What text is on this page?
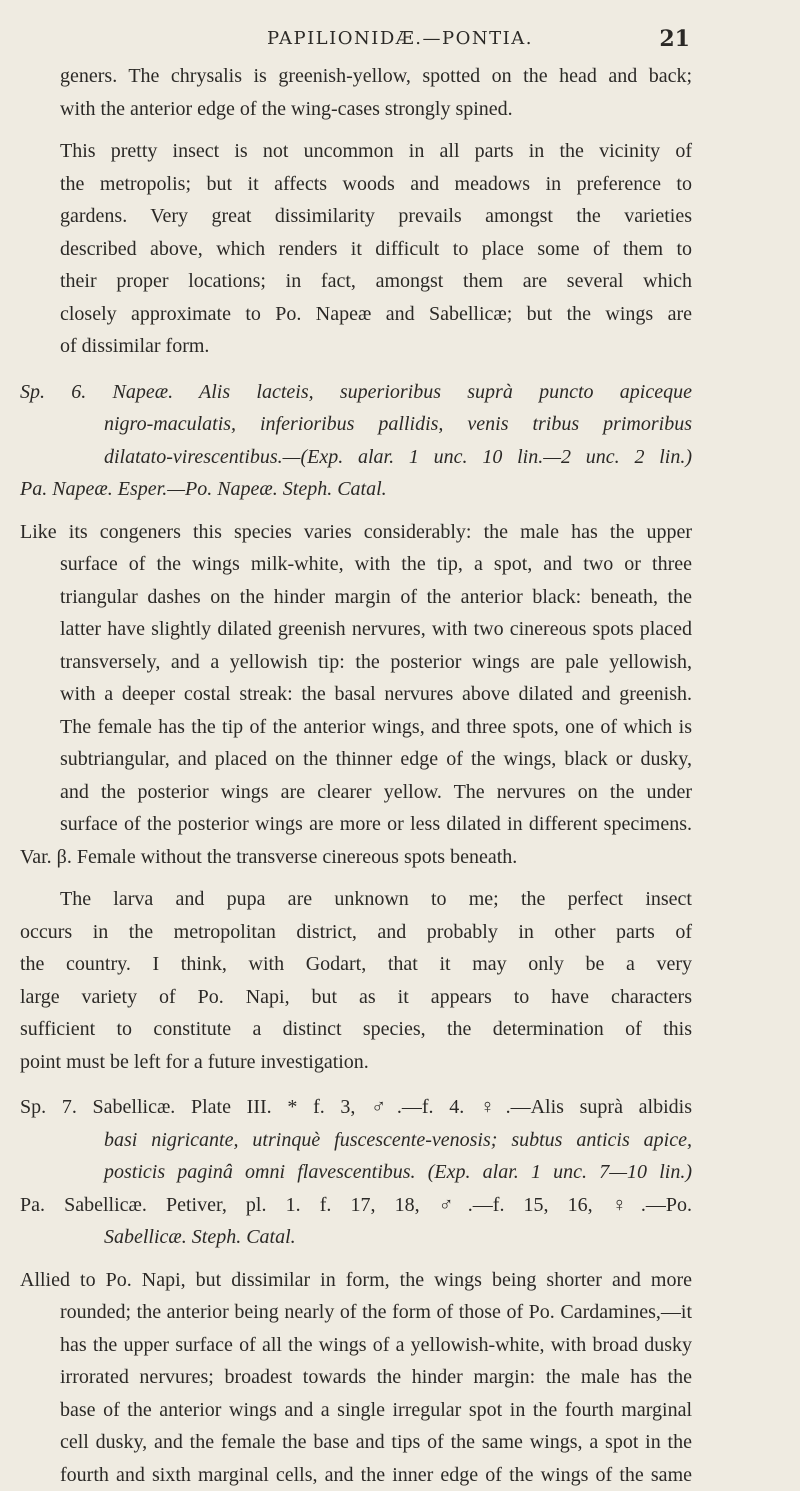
PAPILIONIDÆ.—PONTIA.	21
geners. The chrysalis is greenish-yellow, spotted on the head and back;
with the anterior edge of the wing-cases strongly spined.
This pretty insect is not uncommon in all parts in the vicinity of
the metropolis; but it affects woods and meadows in preference to
gardens. Very great dissimilarity prevails amongst the varieties
described above, which renders it difficult to place some of them to
their proper locations; in fact, amongst them are several which
closely approximate to Po. Napeæ and Sabellicæ; but the wings are
of dissimilar form.
Sp. 6. Napeæ. Alis lacteis, superioribus suprà puncto apiceque
nigro-maculatis, inferioribus pallidis, venis tribus primoribus
dilatato-virescentibus.—(Exp. alar. 1 unc. 10 lin.—2 unc. 2 lin.)
Pa. Napeæ. Esper.—Po. Napeæ. Steph. Catal.
Like its congeners this species varies considerably: the male has the upper
surface of the wings milk-white, with the tip, a spot, and two or three
triangular dashes on the hinder margin of the anterior black: beneath, the
latter have slightly dilated greenish nervures, with two cinereous spots placed
transversely, and a yellowish tip: the posterior wings are pale yellowish,
with a deeper costal streak: the basal nervures above dilated and greenish.
The female has the tip of the anterior wings, and three spots, one of which is
subtriangular, and placed on the thinner edge of the wings, black or dusky,
and the posterior wings are clearer yellow. The nervures on the under
surface of the posterior wings are more or less dilated in different specimens.
Var. β. Female without the transverse cinereous spots beneath.
The larva and pupa are unknown to me; the perfect insect
occurs in the metropolitan district, and probably in other parts of
the country. I think, with Godart, that it may only be a very
large variety of Po. Napi, but as it appears to have characters
sufficient to constitute a distinct species, the determination of this
point must be left for a future investigation.
Sp. 7. Sabellicæ. Plate III. * f. 3, ♂.—f. 4. ♀.—Alis suprà albidis
basi nigricante, utrinquè fuscescente-venosis; subtus anticis apice,
posticis paginâ omni flavescentibus. (Exp. alar. 1 unc. 7—10 lin.)
Pa. Sabellicæ. Petiver, pl. 1. f. 17, 18, ♂.—f. 15, 16, ♀.—Po.
Sabellicæ. Steph. Catal.
Allied to Po. Napi, but dissimilar in form, the wings being shorter and more
rounded; the anterior being nearly of the form of those of Po. Cardamines,—it
has the upper surface of all the wings of a yellowish-white, with broad dusky
irrorated nervures; broadest towards the hinder margin: the male has the
base of the anterior wings and a single irregular spot in the fourth marginal
cell dusky, and the female the base and tips of the same wings, a spot in the
fourth and sixth marginal cells, and the inner edge of the wings of the same
